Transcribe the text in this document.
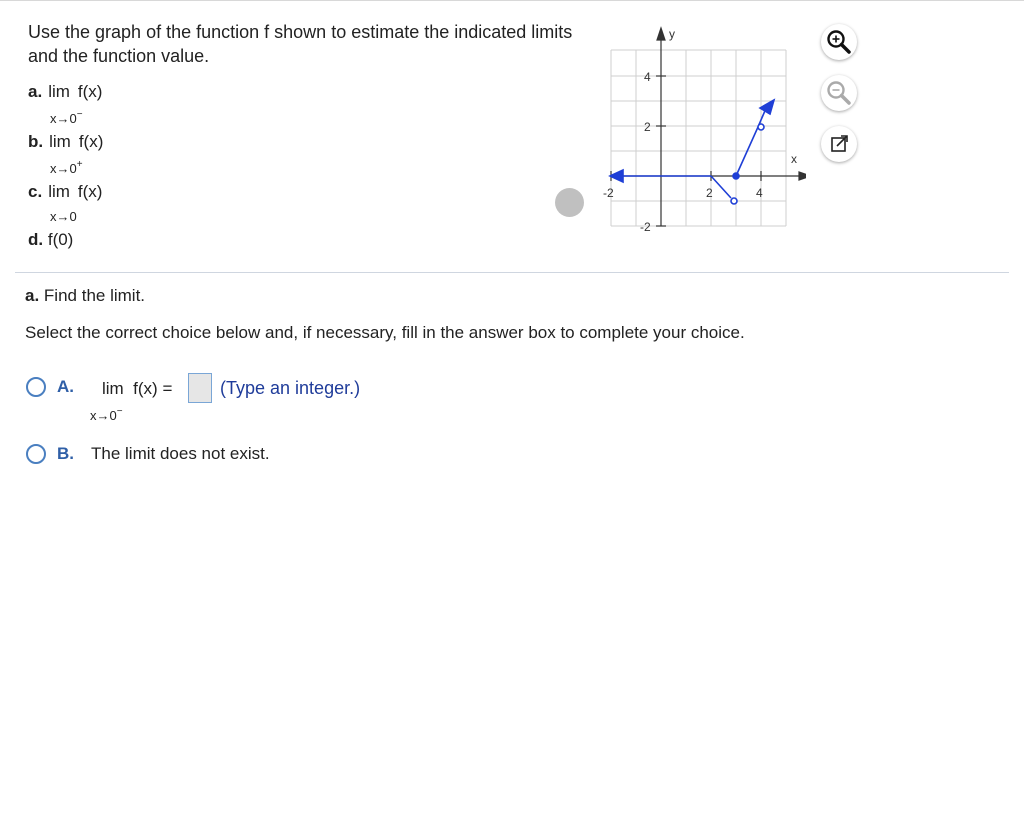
Use the graph of the function f shown to estimate the indicated limits and the function value.
a. lim f(x)
x→0−
b. lim f(x)
x→0+
c. lim f(x)
x→0
d. f(0)
y
x
-2	2	4
4
2
-2
a. Find the limit.
Select the correct choice below and, if necessary, fill in the answer box to complete your choice.
A. lim f(x) =
x→0−
(Type an integer.)
B. The limit does not exist.
